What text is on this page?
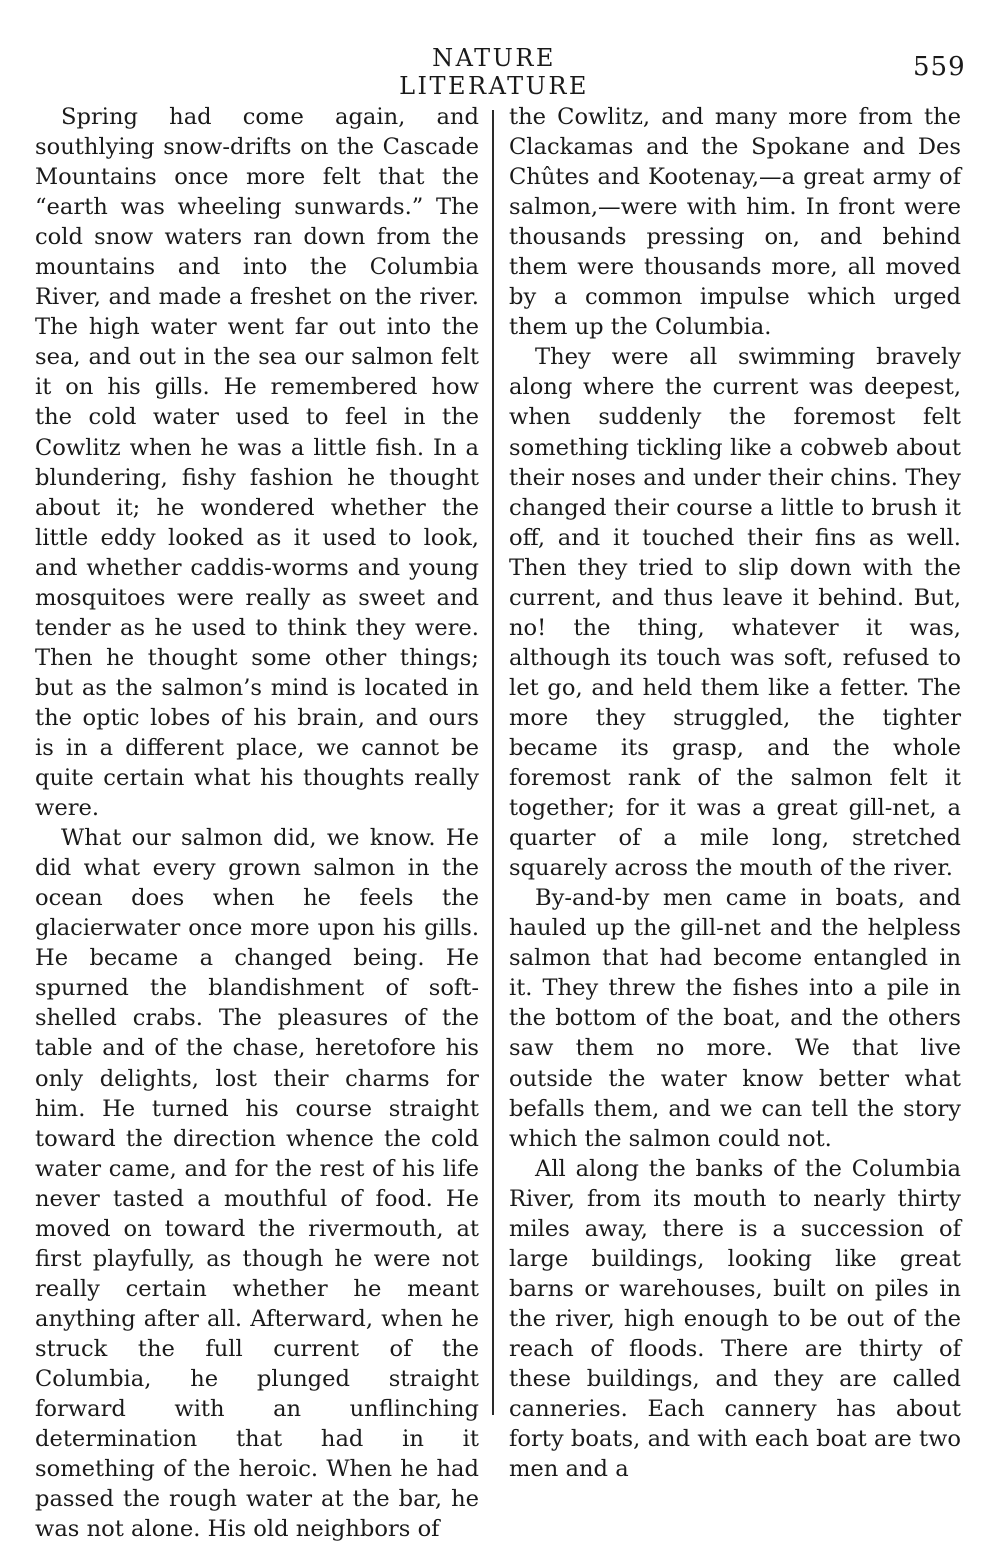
NATURE LITERATURE
559

Spring had come again, and southlying snow-drifts on the Cascade Mountains once more felt that the “earth was wheeling sunwards.” The cold snow waters ran down from the mountains and into the Columbia River, and made a freshet on the river. The high water went far out into the sea, and out in the sea our salmon felt it on his gills. He remembered how the cold water used to feel in the Cowlitz when he was a little fish. In a blundering, fishy fashion he thought about it; he wondered whether the little eddy looked as it used to look, and whether caddis-worms and young mosquitoes were really as sweet and tender as he used to think they were. Then he thought some other things; but as the salmon’s mind is located in the optic lobes of his brain, and ours is in a different place, we cannot be quite certain what his thoughts really were.

What our salmon did, we know. He did what every grown salmon in the ocean does when he feels the glacierwater once more upon his gills. He became a changed being. He spurned the blandishment of soft-shelled crabs. The pleasures of the table and of the chase, heretofore his only delights, lost their charms for him. He turned his course straight toward the direction whence the cold water came, and for the rest of his life never tasted a mouthful of food. He moved on toward the rivermouth, at first playfully, as though he were not really certain whether he meant anything after all. Afterward, when he struck the full current of the Columbia, he plunged straight forward with an unflinching determination that had in it something of the heroic. When he had passed the rough water at the bar, he was not alone. His old neighbors of

the Cowlitz, and many more from the Clackamas and the Spokane and Des Chûtes and Kootenay,—a great army of salmon,—were with him. In front were thousands pressing on, and behind them were thousands more, all moved by a common impulse which urged them up the Columbia.

They were all swimming bravely along where the current was deepest, when suddenly the foremost felt something tickling like a cobweb about their noses and under their chins. They changed their course a little to brush it off, and it touched their fins as well. Then they tried to slip down with the current, and thus leave it behind. But, no! the thing, whatever it was, although its touch was soft, refused to let go, and held them like a fetter. The more they struggled, the tighter became its grasp, and the whole foremost rank of the salmon felt it together; for it was a great gill-net, a quarter of a mile long, stretched squarely across the mouth of the river.

By-and-by men came in boats, and hauled up the gill-net and the helpless salmon that had become entangled in it. They threw the fishes into a pile in the bottom of the boat, and the others saw them no more. We that live outside the water know better what befalls them, and we can tell the story which the salmon could not.

All along the banks of the Columbia River, from its mouth to nearly thirty miles away, there is a succession of large buildings, looking like great barns or warehouses, built on piles in the river, high enough to be out of the reach of floods. There are thirty of these buildings, and they are called canneries. Each cannery has about forty boats, and with each boat are two men and a
